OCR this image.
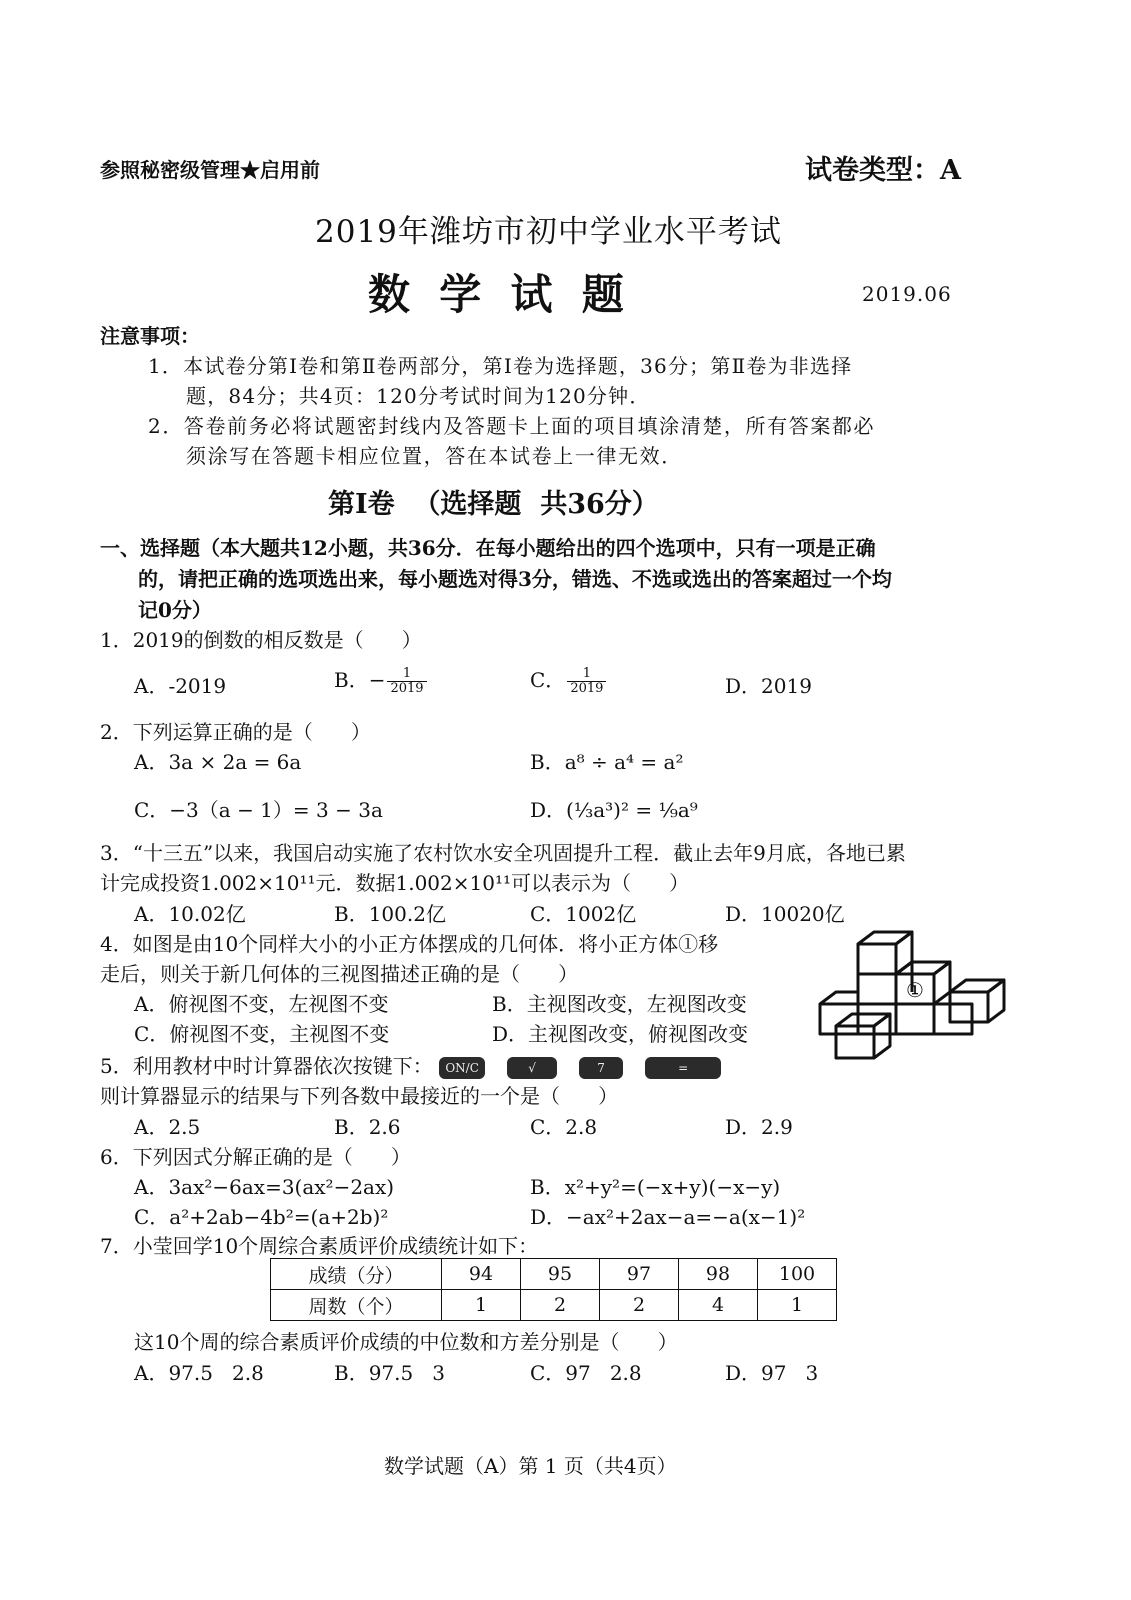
参照秘密级管理★启用前	试卷类型：A
2019年潍坊市初中学业水平考试
数  学  试  题	2019.06
注意事项：
1．本试卷分第Ⅰ卷和第Ⅱ卷两部分，第Ⅰ卷为选择题，36分；第Ⅱ卷为非选择
题，84分；共4页：120分考试时间为120分钟．
2．答卷前务必将试题密封线内及答题卡上面的项目填涂清楚，所有答案都必
须涂写在答题卡相应位置，答在本试卷上一律无效．
第Ⅰ卷  （选择题  共36分）
一、选择题（本大题共12小题，共36分．在每小题给出的四个选项中，只有一项是正确
的，请把正确的选项选出来，每小题选对得3分，错选、不选或选出的答案超过一个均
记0分）
1．2019的倒数的相反数是（      ）
A．-2019	B．− $\frac{1}{2019}$	C． $\frac{1}{2019}$	D．2019
2．下列运算正确的是（      ）
A．3a × 2a = 6a	B．a⁸ ÷ a⁴ = a²
C．−3（a − 1）= 3 − 3a	D．(⅓a³)² = ⅑a⁹
3．“十三五”以来，我国启动实施了农村饮水安全巩固提升工程．截止去年9月底，各地已累
计完成投资1.002×10¹¹元．数据1.002×10¹¹可以表示为（      ）
A．10.02亿	B．100.2亿	C．1002亿	D．10020亿
4．如图是由10个同样大小的小正方体摆成的几何体．将小正方体①移
走后，则关于新几何体的三视图描述正确的是（      ）
A．俯视图不变，左视图不变	B．主视图改变，左视图改变
C．俯视图不变，主视图不变	D．主视图改变，俯视图改变
①
5．利用教材中时计算器依次按键下： ON/C	√	7	=
则计算器显示的结果与下列各数中最接近的一个是（      ）
A．2.5	B．2.6	C．2.8	D．2.9
6．下列因式分解正确的是（      ）
A．3ax²−6ax=3(ax²−2ax)	B．x²+y²=(−x+y)(−x−y)
C．a²+2ab−4b²=(a+2b)²	D．−ax²+2ax−a=−a(x−1)²
7．小莹回学10个周综合素质评价成绩统计如下：
成绩（分）	94	95	97	98	100
周数（个）	1	2	2	4	1
这10个周的综合素质评价成绩的中位数和方差分别是（      ）
A．97.5   2.8	B．97.5   3	C．97   2.8	D．97   3
数学试题（A）第 1 页（共4页）
